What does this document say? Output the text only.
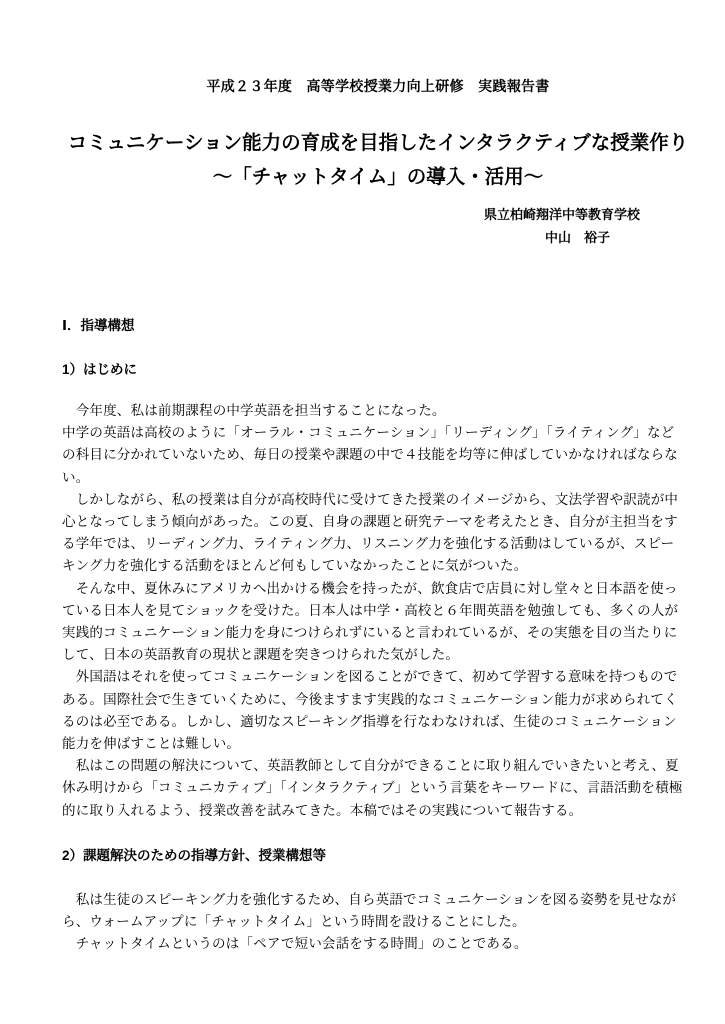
平成２３年度　高等学校授業力向上研修　実践報告書
コミュニケーション能力の育成を目指したインタラクティブな授業作り
～「チャットタイム」の導入・活用～
県立柏崎翔洋中等教育学校
中山　裕子
Ⅰ．指導構想
1）はじめに
　今年度、私は前期課程の中学英語を担当することになった。
中学の英語は高校のように「オーラル・コミュニケーション」「リーディング」「ライティング」など
の科目に分かれていないため、毎日の授業や課題の中で４技能を均等に伸ばしていかなければならな
い。
　しかしながら、私の授業は自分が高校時代に受けてきた授業のイメージから、文法学習や訳読が中
心となってしまう傾向があった。この夏、自身の課題と研究テーマを考えたとき、自分が主担当をす
る学年では、リーディング力、ライティング力、リスニング力を強化する活動はしているが、スピー
キング力を強化する活動をほとんど何もしていなかったことに気がついた。
　そんな中、夏休みにアメリカへ出かける機会を持ったが、飲食店で店員に対し堂々と日本語を使っ
ている日本人を見てショックを受けた。日本人は中学・高校と６年間英語を勉強しても、多くの人が
実践的コミュニケーション能力を身につけられずにいると言われているが、その実態を目の当たりに
して、日本の英語教育の現状と課題を突きつけられた気がした。
　外国語はそれを使ってコミュニケーションを図ることができて、初めて学習する意味を持つもので
ある。国際社会で生きていくために、今後ますます実践的なコミュニケーション能力が求められてく
るのは必至である。しかし、適切なスピーキング指導を行なわなければ、生徒のコミュニケーション
能力を伸ばすことは難しい。
　私はこの問題の解決について、英語教師として自分ができることに取り組んでいきたいと考え、夏
休み明けから「コミュニカティブ」「インタラクティブ」という言葉をキーワードに、言語活動を積極
的に取り入れるよう、授業改善を試みてきた。本稿ではその実践について報告する。
2）課題解決のための指導方針、授業構想等
　私は生徒のスピーキング力を強化するため、自ら英語でコミュニケーションを図る姿勢を見せなが
ら、ウォームアップに「チャットタイム」という時間を設けることにした。
　チャットタイムというのは「ペアで短い会話をする時間」のことである。
